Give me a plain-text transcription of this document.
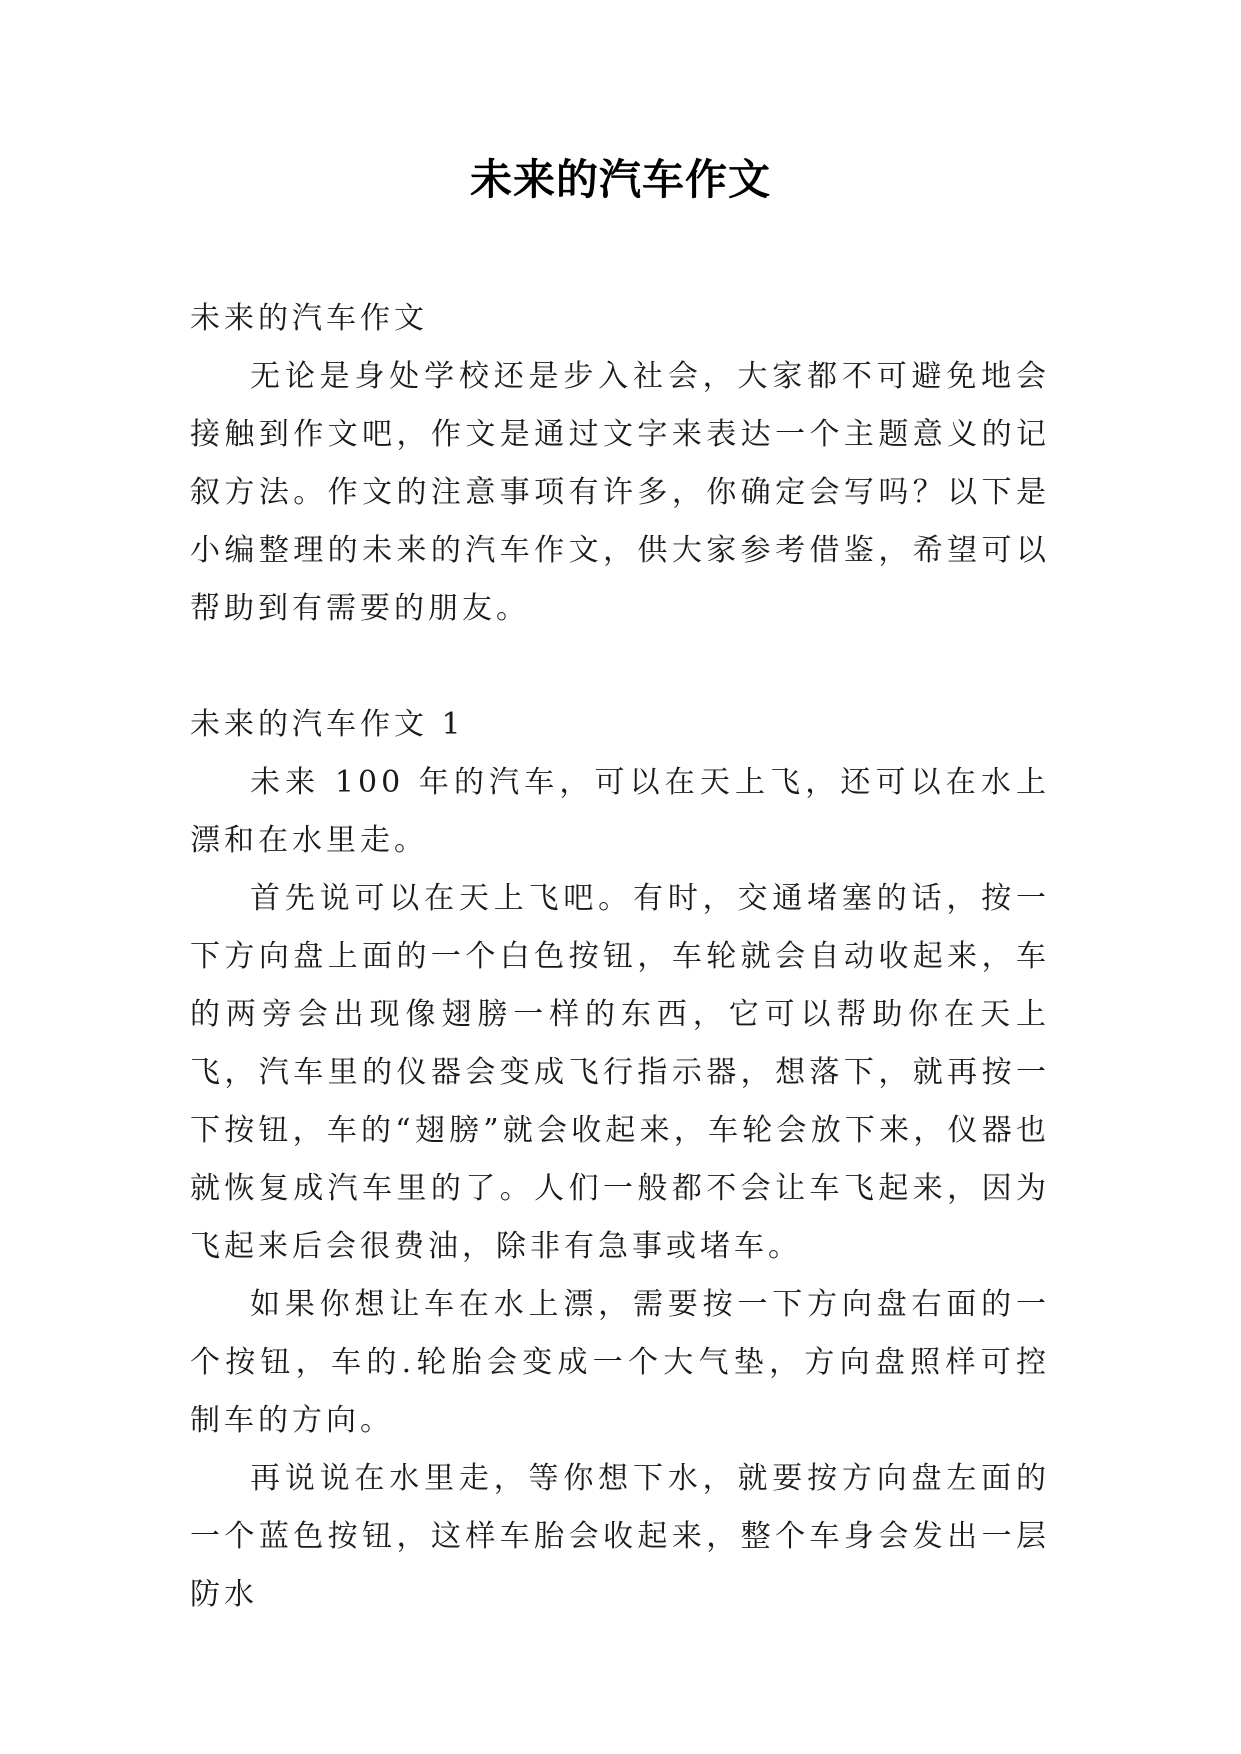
未来的汽车作文

未来的汽车作文

无论是身处学校还是步入社会，大家都不可避免地会接触到作文吧，作文是通过文字来表达一个主题意义的记叙方法。作文的注意事项有许多，你确定会写吗？以下是小编整理的未来的汽车作文，供大家参考借鉴，希望可以帮助到有需要的朋友。

未来的汽车作文 1

未来 100 年的汽车，可以在天上飞，还可以在水上漂和在水里走。

首先说可以在天上飞吧。有时，交通堵塞的话，按一下方向盘上面的一个白色按钮，车轮就会自动收起来，车的两旁会出现像翅膀一样的东西，它可以帮助你在天上飞，汽车里的仪器会变成飞行指示器，想落下，就再按一下按钮，车的“翅膀”就会收起来，车轮会放下来，仪器也就恢复成汽车里的了。人们一般都不会让车飞起来，因为飞起来后会很费油，除非有急事或堵车。

如果你想让车在水上漂，需要按一下方向盘右面的一个按钮，车的.轮胎会变成一个大气垫，方向盘照样可控制车的方向。

再说说在水里走，等你想下水，就要按方向盘左面的一个蓝色按钮，这样车胎会收起来，整个车身会发出一层防水
